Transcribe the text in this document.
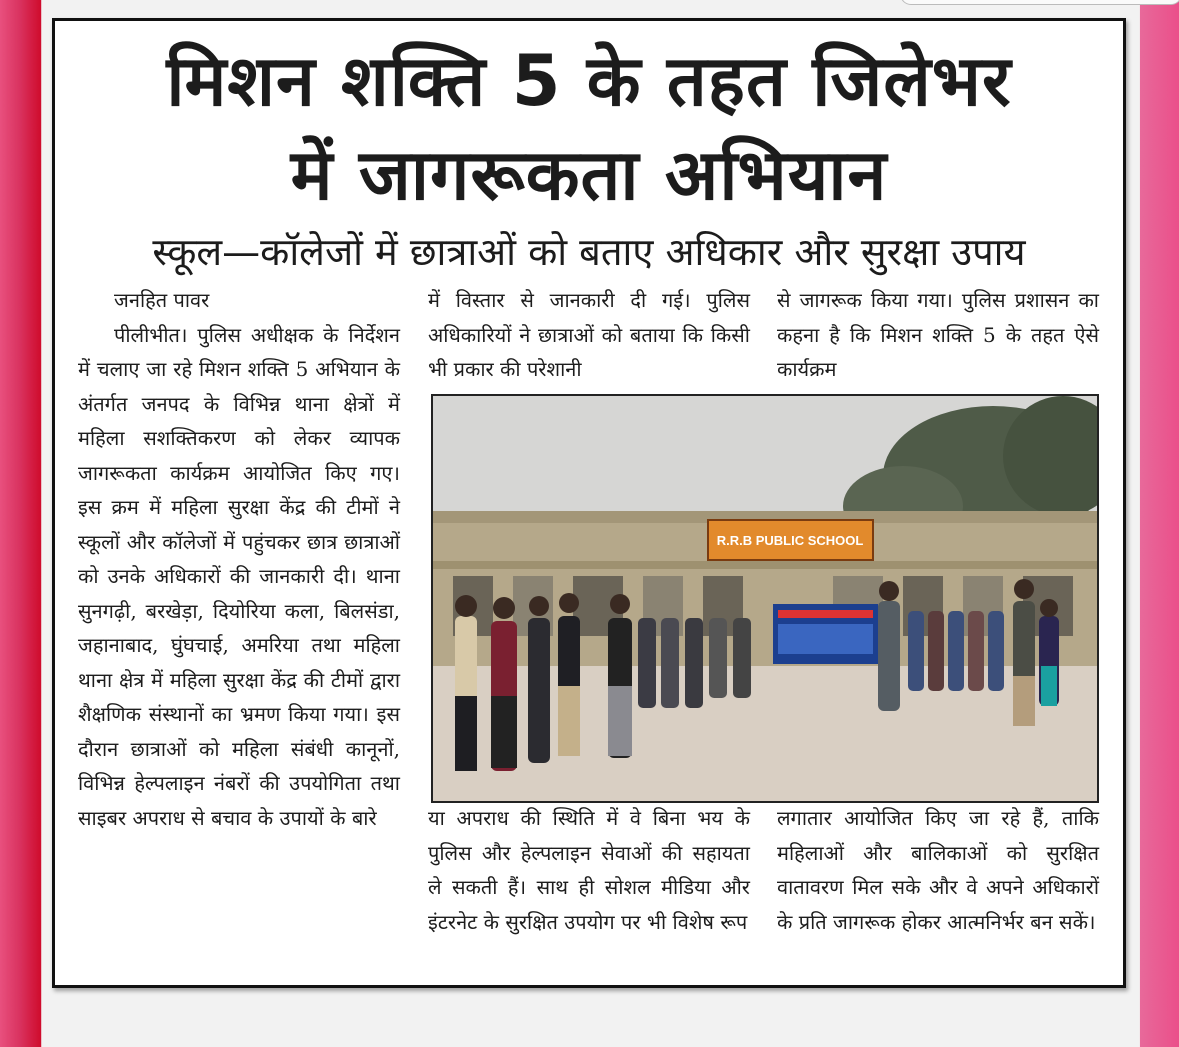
मिशन शक्ति 5 के तहत जिलेभर
में जागरूकता अभियान
स्कूल—कॉलेजों में छात्राओं को बताए अधिकार और सुरक्षा उपाय

जनहित पावर

पीलीभीत। पुलिस अधीक्षक के निर्देशन में चलाए जा रहे मिशन शक्ति 5 अभियान के अंतर्गत जनपद के विभिन्न थाना क्षेत्रों में महिला सशक्तिकरण को लेकर व्यापक जागरूकता कार्यक्रम आयोजित किए गए। इस क्रम में महिला सुरक्षा केंद्र की टीमों ने स्कूलों और कॉलेजों में पहुंचकर छात्र छात्राओं को उनके अधिकारों की जानकारी दी। थाना सुनगढ़ी, बरखेड़ा, दियोरिया कला, बिलसंडा, जहानाबाद, घुंघचाई, अमरिया तथा महिला थाना क्षेत्र में महिला सुरक्षा केंद्र की टीमों द्वारा शैक्षणिक संस्थानों का भ्रमण किया गया। इस दौरान छात्राओं को महिला संबंधी कानूनों, विभिन्न हेल्पलाइन नंबरों की उपयोगिता तथा साइबर अपराध से बचाव के उपायों के बारे

में विस्तार से जानकारी दी गई। पुलिस अधिकारियों ने छात्राओं को बताया कि किसी भी प्रकार की परेशानी

से जागरूक किया गया। पुलिस प्रशासन का कहना है कि मिशन शक्ति 5 के तहत ऐसे कार्यक्रम

R.R.B PUBLIC SCHOOL

या अपराध की स्थिति में वे बिना भय के पुलिस और हेल्पलाइन सेवाओं की सहायता ले सकती हैं। साथ ही सोशल मीडिया और इंटरनेट के सुरक्षित उपयोग पर भी विशेष रूप

लगातार आयोजित किए जा रहे हैं, ताकि महिलाओं और बालिकाओं को सुरक्षित वातावरण मिल सके और वे अपने अधिकारों के प्रति जागरूक होकर आत्मनिर्भर बन सकें।
